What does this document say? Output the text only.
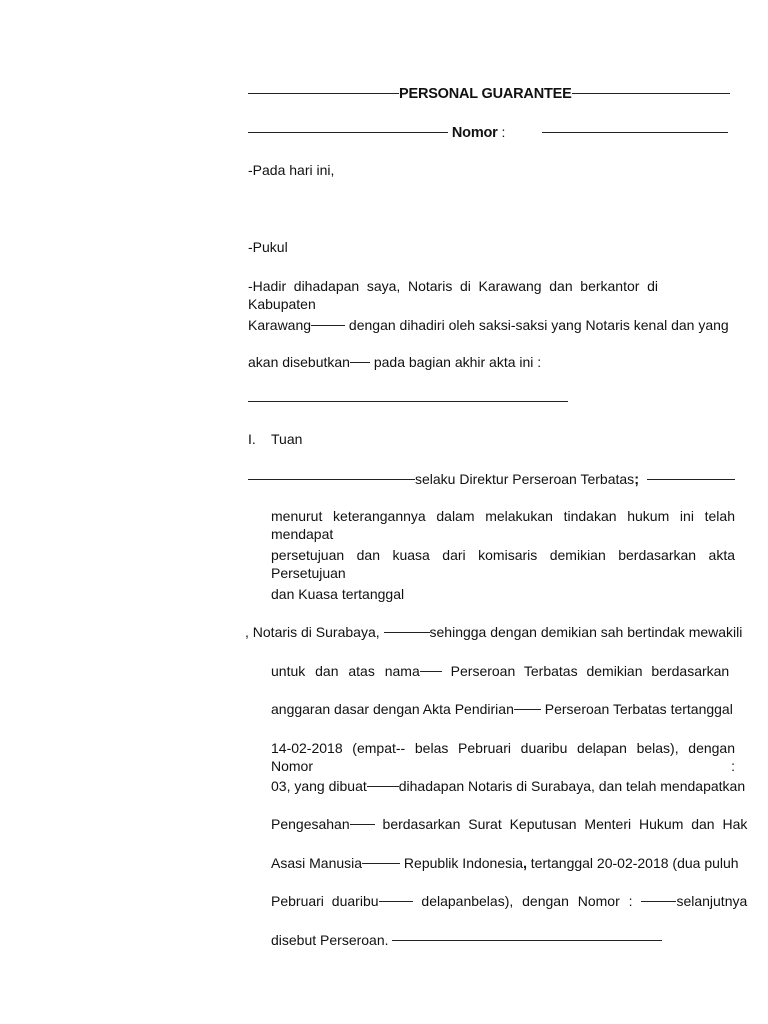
PERSONAL GUARANTEE
Nomor :
-Pada hari ini,
-Pukul
-Hadir dihadapan saya, Notaris di Karawang dan berkantor di Kabupaten
Karawang dengan dihadiri oleh saksi-saksi yang Notaris kenal dan yang
akan disebutkan pada bagian akhir akta ini :
I. Tuan
selaku Direktur Perseroan Terbatas;
menurut keterangannya dalam melakukan tindakan hukum ini telah mendapat
persetujuan dan kuasa dari komisaris demikian berdasarkan akta Persetujuan
dan Kuasa tertanggal
, Notaris di Surabaya,	sehingga dengan demikian sah bertindak mewakili
untuk dan atas nama Perseroan Terbatas demikian berdasarkan
anggaran dasar dengan Akta Pendirian Perseroan Terbatas tertanggal
14-02-2018 (empat-- belas Pebruari duaribu delapan belas), dengan Nomor :
03, yang dibuat dihadapan Notaris di Surabaya, dan telah mendapatkan
Pengesahan berdasarkan Surat Keputusan Menteri Hukum dan Hak
Asasi Manusia	Republik Indonesia, tertanggal 20-02-2018 (dua puluh
Pebruari duaribu delapanbelas), dengan Nomor :	selanjutnya
disebut Perseroan.
